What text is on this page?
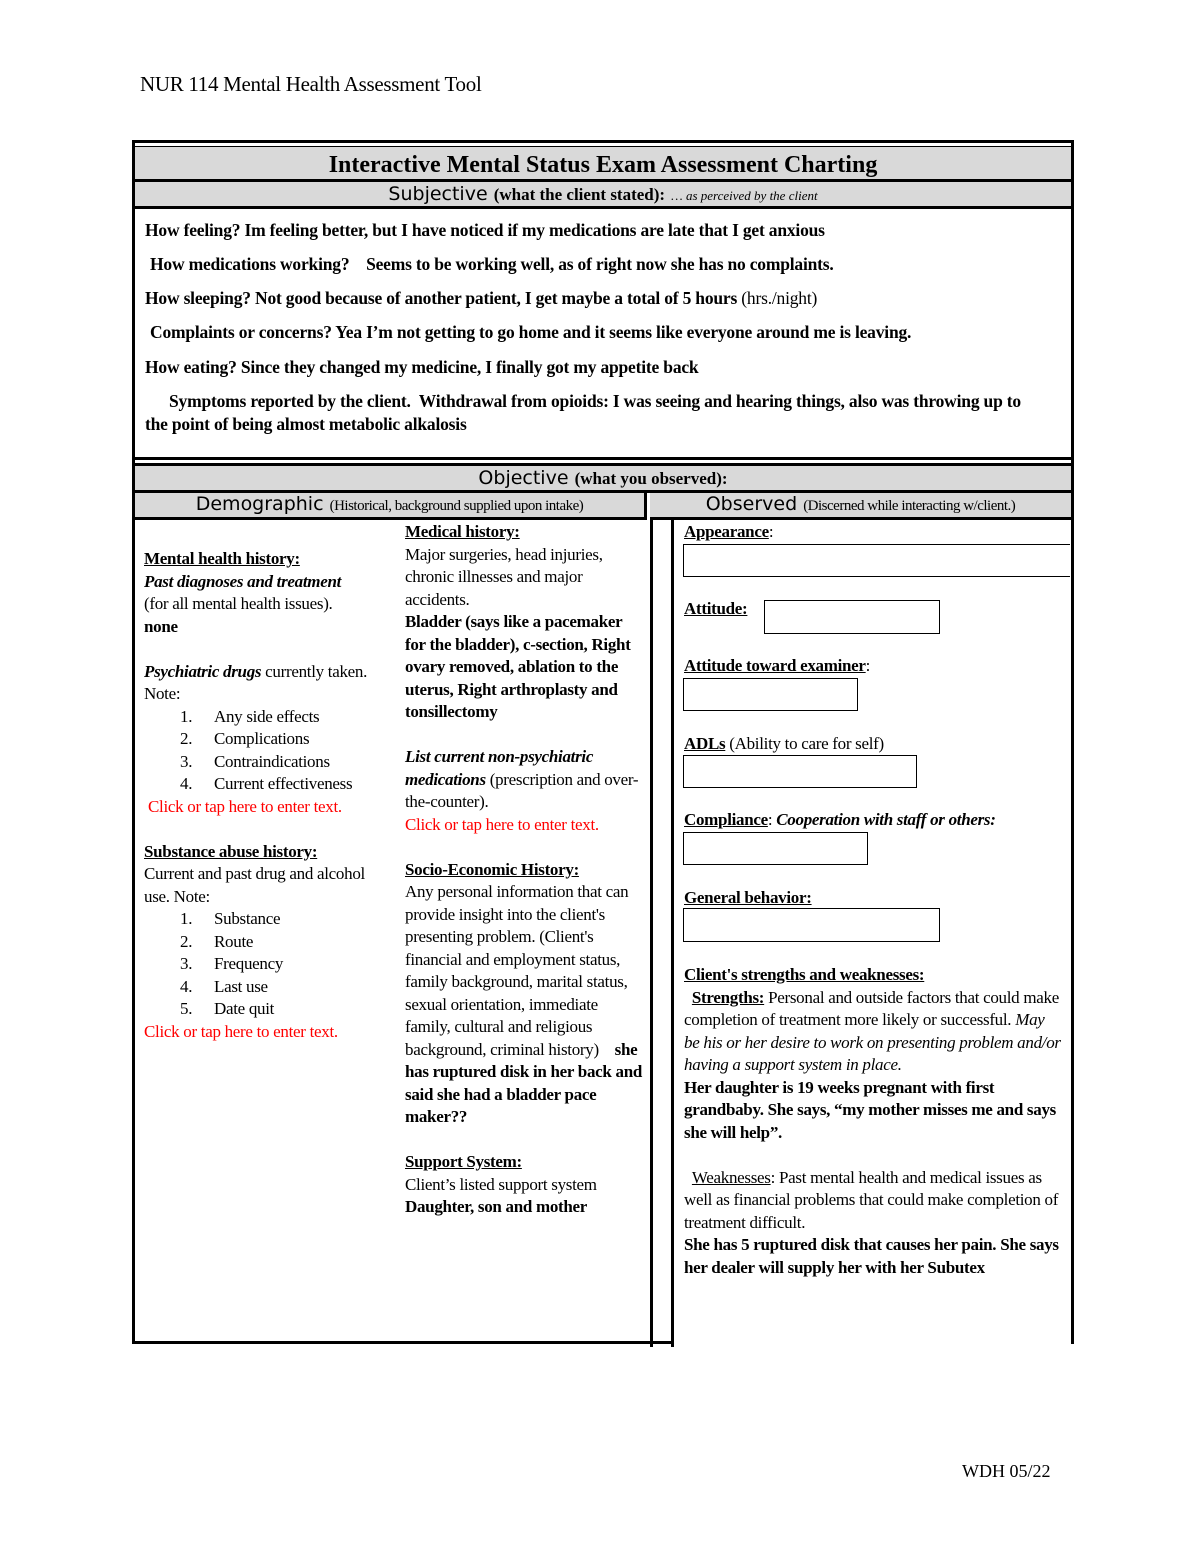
NUR 114 Mental Health Assessment Tool
Interactive Mental Status Exam Assessment Charting
Subjective (what the client stated): … as perceived by the client
How feeling? Im feeling better, but I have noticed if my medications are late that I get anxious
How medications working? Seems to be working well, as of right now she has no complaints.
How sleeping? Not good because of another patient, I get maybe a total of 5 hours (hrs./night)
Complaints or concerns? Yea I’m not getting to go home and it seems like everyone around me is leaving.
How eating? Since they changed my medicine, I finally got my appetite back
Symptoms reported by the client. Withdrawal from opioids: I was seeing and hearing things, also was throwing up to the point of being almost metabolic alkalosis
Objective (what you observed):
Demographic (Historical, background supplied upon intake)	Observed (Discerned while interacting w/client.)

Mental health history:

Past diagnoses and treatment

(for all mental health issues).

none

Psychiatric drugs currently taken. Note:

1. Any side effects
2. Complications
3. Contraindications
4. Current effectiveness

Click or tap here to enter text.

Substance abuse history:

Current and past drug and alcohol use. Note:

1. Substance
2. Route
3. Frequency
4. Last use
5. Date quit

Click or tap here to enter text.

Medical history:

Major surgeries, head injuries, chronic illnesses and major accidents.

Bladder (says like a pacemaker for the bladder), c-section, Right ovary removed, ablation to the uterus, Right arthroplasty and tonsillectomy

List current non-psychiatric medications (prescription and over-the-counter).

Click or tap here to enter text.

Socio-Economic History:

Any personal information that can provide insight into the client's presenting problem. (Client's financial and employment status, family background, marital status, sexual orientation, immediate family, cultural and religious background, criminal history) she has ruptured disk in her back and said she had a bladder pace maker??

Support System:

Client’s listed support system

Daughter, son and mother

Appearance:

Attitude:

Attitude toward examiner:

ADLs (Ability to care for self)

Compliance: Cooperation with staff or others:

General behavior:

Client's strengths and weaknesses:

Strengths: Personal and outside factors that could make completion of treatment more likely or successful. May be his or her desire to work on presenting problem and/or having a support system in place.

Her daughter is 19 weeks pregnant with first grandbaby. She says, “my mother misses me and says she will help”.

Weaknesses: Past mental health and medical issues as well as financial problems that could make completion of treatment difficult.

She has 5 ruptured disk that causes her pain. She says her dealer will supply her with her Subutex

WDH 05/22
